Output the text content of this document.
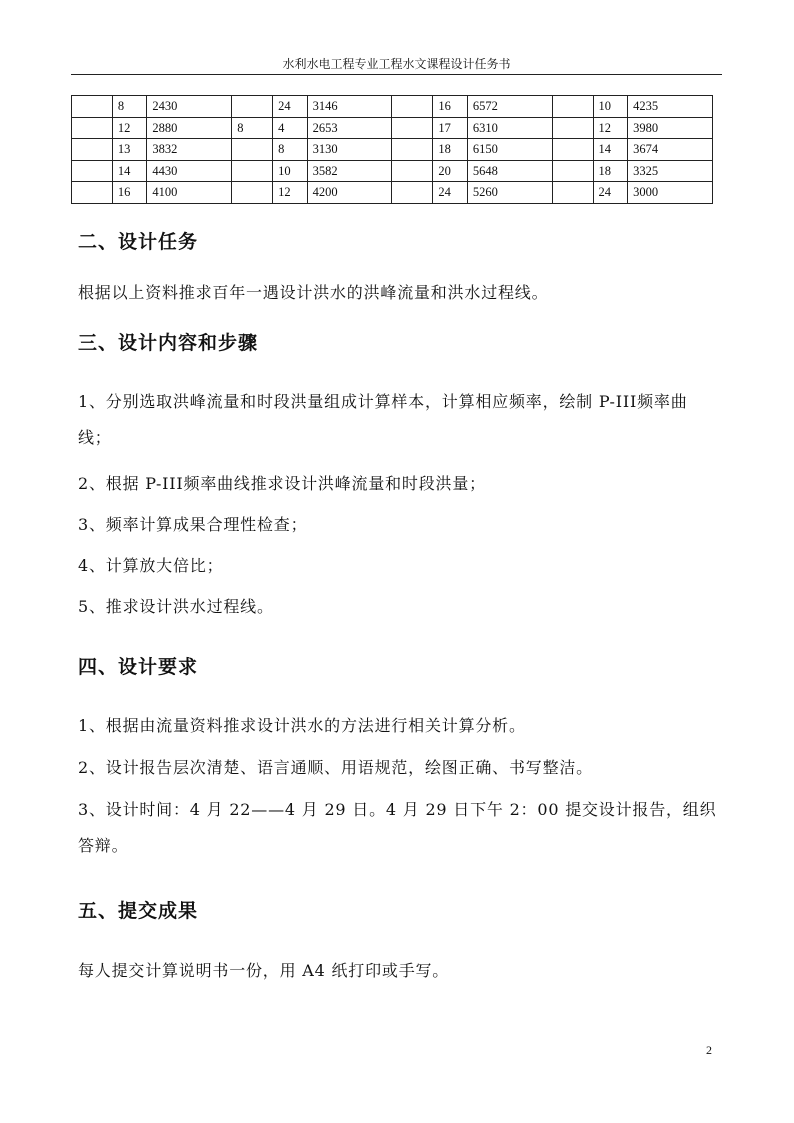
水利水电工程专业工程水文课程设计任务书
	8	2430		24	3146		16	6572		10	4235
	12	2880	8	4	2653		17	6310		12	3980
	13	3832		8	3130		18	6150		14	3674
	14	4430		10	3582		20	5648		18	3325
	16	4100		12	4200		24	5260		24	3000
二、设计任务

根据以上资料推求百年一遇设计洪水的洪峰流量和洪水过程线。

三、设计内容和步骤

1、分别选取洪峰流量和时段洪量组成计算样本，计算相应频率，绘制 P-III频率曲线；

2、根据 P-III频率曲线推求设计洪峰流量和时段洪量；

3、频率计算成果合理性检查；

4、计算放大倍比；

5、推求设计洪水过程线。

四、设计要求

1、根据由流量资料推求设计洪水的方法进行相关计算分析。

2、设计报告层次清楚、语言通顺、用语规范，绘图正确、书写整洁。

3、设计时间：4 月 22——4 月 29 日。4 月 29 日下午 2：00 提交设计报告，组织答辩。

五、提交成果

每人提交计算说明书一份，用 A4 纸打印或手写。

2
